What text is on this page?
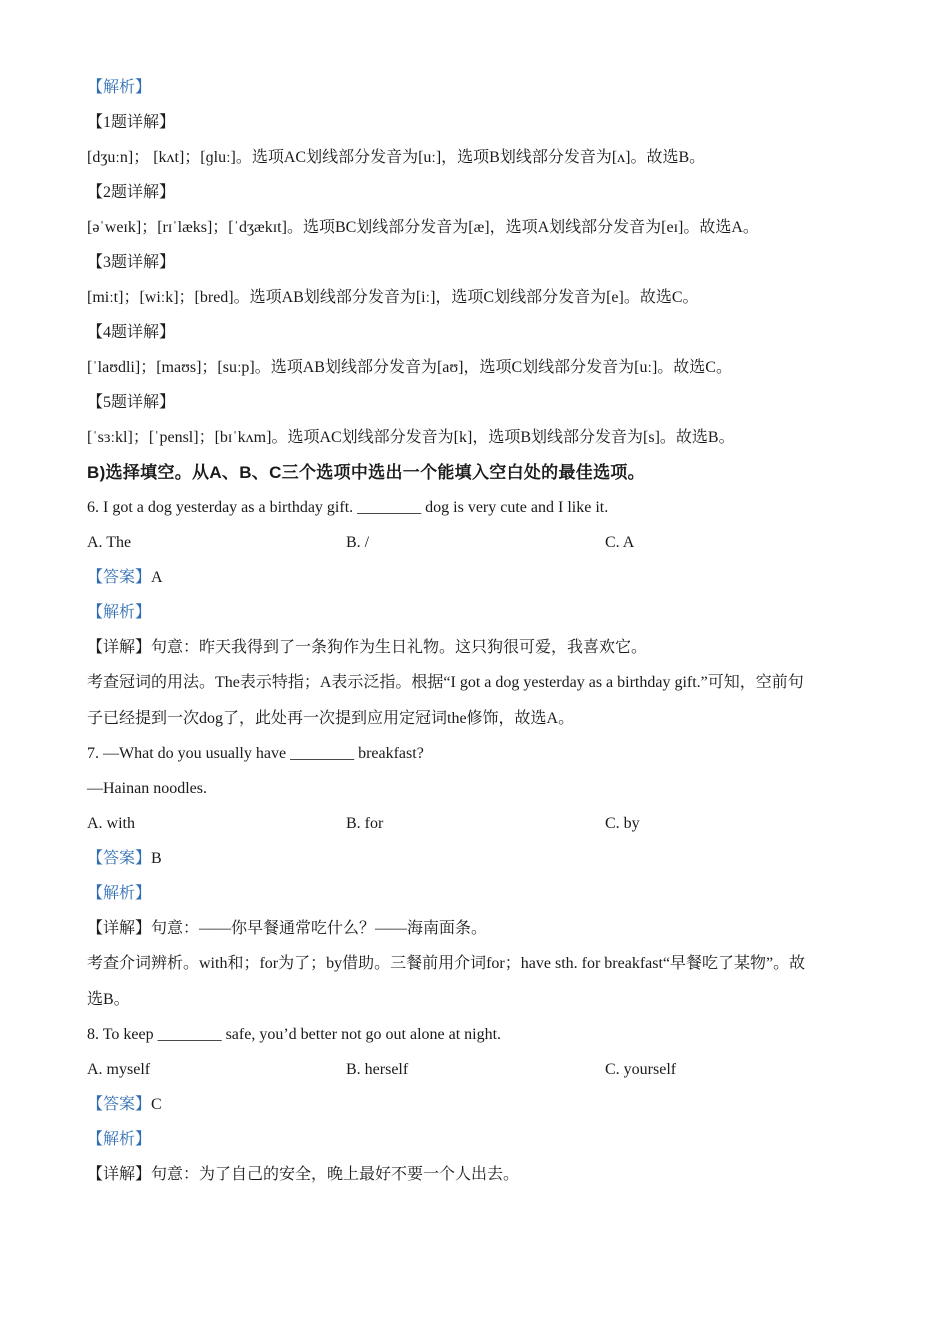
【解析】
【1题详解】
[dʒuːn]； [kʌt]；[ɡluː]。选项AC划线部分发音为[uː]，选项B划线部分发音为[ʌ]。故选B。
【2题详解】
[əˈweɪk]；[rɪˈlæks]；[ˈdʒækɪt]。选项BC划线部分发音为[æ]，选项A划线部分发音为[eɪ]。故选A。
【3题详解】
[miːt]；[wiːk]；[bred]。选项AB划线部分发音为[iː]，选项C划线部分发音为[e]。故选C。
【4题详解】
[ˈlaʊdli]；[maʊs]；[suːp]。选项AB划线部分发音为[aʊ]，选项C划线部分发音为[uː]。故选C。
【5题详解】
[ˈsɜːkl]；[ˈpensl]；[bɪˈkʌm]。选项AC划线部分发音为[k]，选项B划线部分发音为[s]。故选B。
B)选择填空。从A、B、C三个选项中选出一个能填入空白处的最佳选项。
6. I got a dog yesterday as a birthday gift. ________ dog is very cute and I like it.
A. The	B. /	C. A
【答案】A
【解析】
【详解】句意：昨天我得到了一条狗作为生日礼物。这只狗很可爱，我喜欢它。
考查冠词的用法。The表示特指；A表示泛指。根据“I got a dog yesterday as a birthday gift.”可知，空前句
子已经提到一次dog了，此处再一次提到应用定冠词the修饰，故选A。
7. —What do you usually have ________ breakfast?
—Hainan noodles.
A. with	B. for	C. by
【答案】B
【解析】
【详解】句意：——你早餐通常吃什么？——海南面条。
考查介词辨析。with和；for为了；by借助。三餐前用介词for；have sth. for breakfast“早餐吃了某物”。故
选B。
8. To keep ________ safe, you’d better not go out alone at night.
A. myself	B. herself	C. yourself
【答案】C
【解析】
【详解】句意：为了自己的安全，晚上最好不要一个人出去。
